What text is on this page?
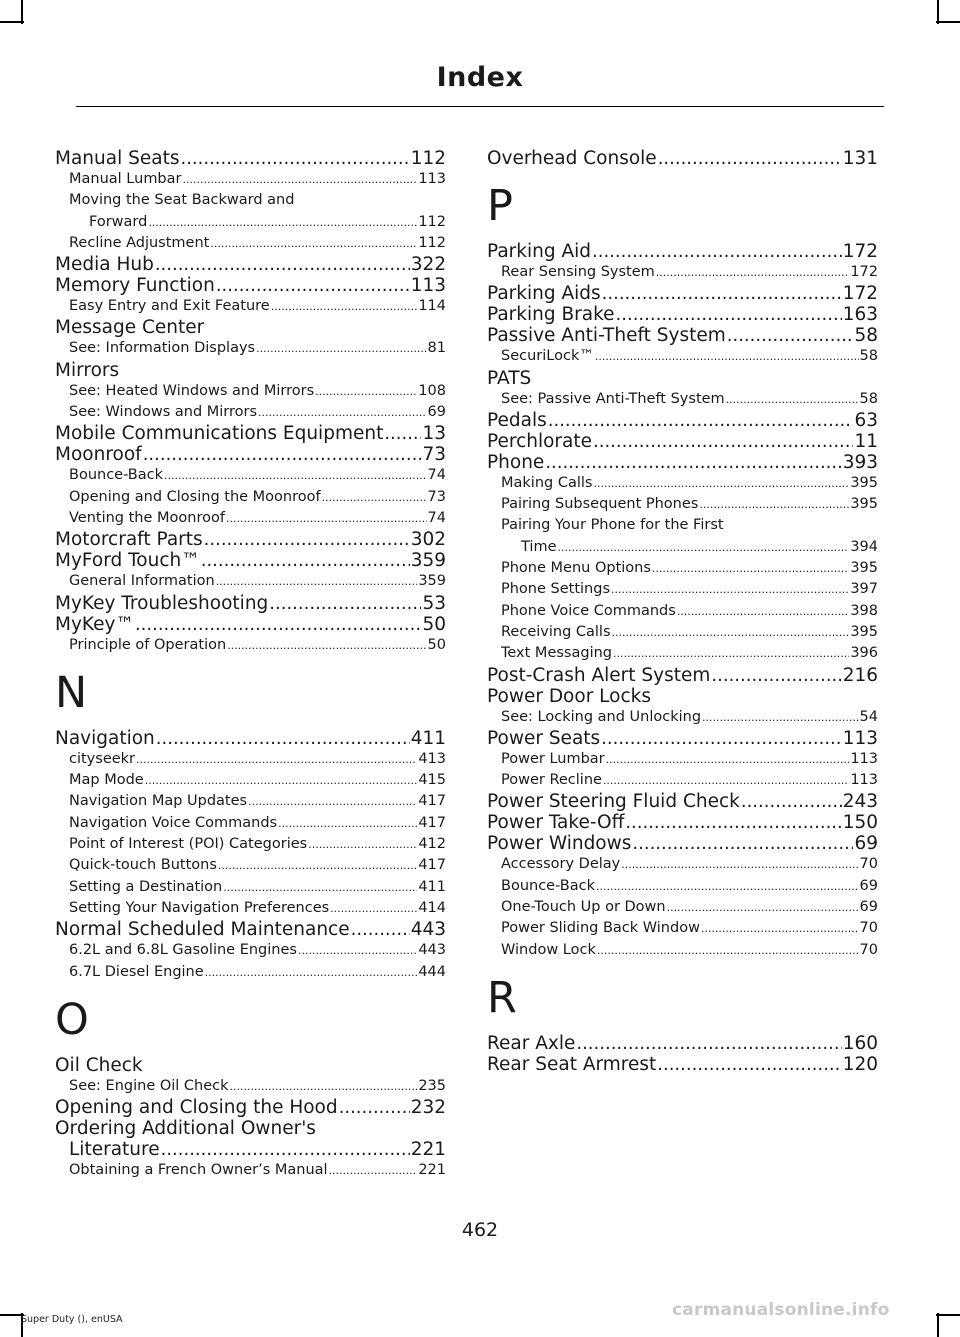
Index
Manual Seats .....	112
Manual Lumbar .....	113
Moving the Seat Backward and
Forward .....	112
Recline Adjustment .....	112
Media Hub .....	322
Memory Function .....	113
Easy Entry and Exit Feature .....	114
Message Center
See: Information Displays .....	81
Mirrors
See: Heated Windows and Mirrors .....	108
See: Windows and Mirrors .....	69
Mobile Communications Equipment ..... 13
Moonroof .....	73
Bounce-Back .....	74
Opening and Closing the Moonroof .....	73
Venting the Moonroof .....	74
Motorcraft Parts .....	302
MyFord Touch™ .....	359
General Information .....	359
MyKey Troubleshooting .....	53
MyKey™ .....	50
Principle of Operation .....	50
N
Navigation .....	411
cityseekr .....	413
Map Mode .....	415
Navigation Map Updates .....	417
Navigation Voice Commands .....	417
Point of Interest (POI) Categories .....	412
Quick-touch Buttons .....	417
Setting a Destination .....	411
Setting Your Navigation Preferences .....	414
Normal Scheduled Maintenance .....	443
6.2L and 6.8L Gasoline Engines .....	443
6.7L Diesel Engine .....	444
O
Oil Check
See: Engine Oil Check .....	235
Opening and Closing the Hood .....	232
Ordering Additional Owner's
Literature .....	221
Obtaining a French Owner’s Manual .....	221
Overhead Console .....	131
P
Parking Aid .....	172
Rear Sensing System .....	172
Parking Aids .....	172
Parking Brake .....	163
Passive Anti-Theft System .....	58
SecuriLock™ .....	58
PATS
See: Passive Anti-Theft System .....	58
Pedals .....	63
Perchlorate .....	11
Phone .....	393
Making Calls .....	395
Pairing Subsequent Phones .....	395
Pairing Your Phone for the First
Time .....	394
Phone Menu Options .....	395
Phone Settings .....	397
Phone Voice Commands .....	398
Receiving Calls .....	395
Text Messaging .....	396
Post-Crash Alert System .....	216
Power Door Locks
See: Locking and Unlocking .....	54
Power Seats .....	113
Power Lumbar .....	113
Power Recline .....	113
Power Steering Fluid Check .....	243
Power Take-Off .....	150
Power Windows .....	69
Accessory Delay .....	70
Bounce-Back .....	69
One-Touch Up or Down .....	69
Power Sliding Back Window .....	70
Window Lock .....	70
R
Rear Axle .....	160
Rear Seat Armrest .....	120
462
Super Duty (), enUSA	carmanualsonline.info
